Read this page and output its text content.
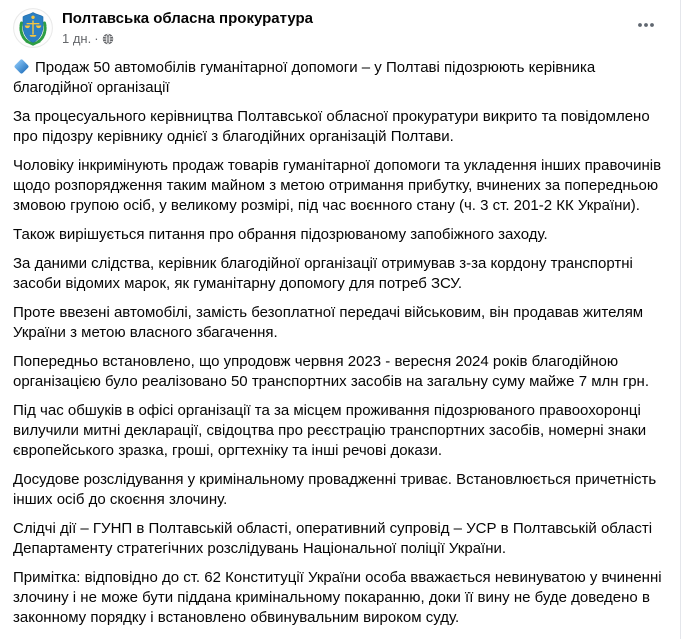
Полтавська обласна прокуратура
1 дн. ·

Продаж 50 автомобілів гуманітарної допомоги – у Полтаві підозрюють керівника благодійної організації

За процесуального керівництва Полтавської обласної прокуратури викрито та повідомлено про підозру керівнику однієї з благодійних організацій Полтави.

Чоловіку інкримінують продаж товарів гуманітарної допомоги та укладення інших правочинів щодо розпорядження таким майном з метою отримання прибутку, вчинених за попередньою змовою групою осіб, у великому розмірі, під час воєнного стану (ч. 3 ст. 201-2 КК України).

Також вирішується питання про обрання підозрюваному запобіжного заходу.

За даними слідства, керівник благодійної організації отримував з-за кордону транспортні засоби відомих марок, як гуманітарну допомогу для потреб ЗСУ.

Проте ввезені автомобілі, замість безоплатної передачі військовим, він продавав жителям України з метою власного збагачення.

Попередньо встановлено, що упродовж червня 2023 - вересня 2024 років благодійною організацією було реалізовано 50 транспортних засобів на загальну суму майже 7 млн грн.

Під час обшуків в офісі організації та за місцем проживання підозрюваного правоохоронці вилучили митні декларації, свідоцтва про реєстрацію транспортних засобів, номерні знаки європейського зразка, гроші, оргтехніку та інші речові докази.

Досудове розслідування у кримінальному провадженні триває. Встановлюється причетність інших осіб до скоєння злочину.

Слідчі дії – ГУНП в Полтавській області, оперативний супровід – УСР в Полтавській області Департаменту стратегічних розслідувань Національної поліції України.

Примітка: відповідно до ст. 62 Конституції України особа вважається невинуватою у вчиненні злочину і не може бути піддана кримінальному покаранню, доки її вину не буде доведено в законному порядку і встановлено обвинувальним вироком суду.
